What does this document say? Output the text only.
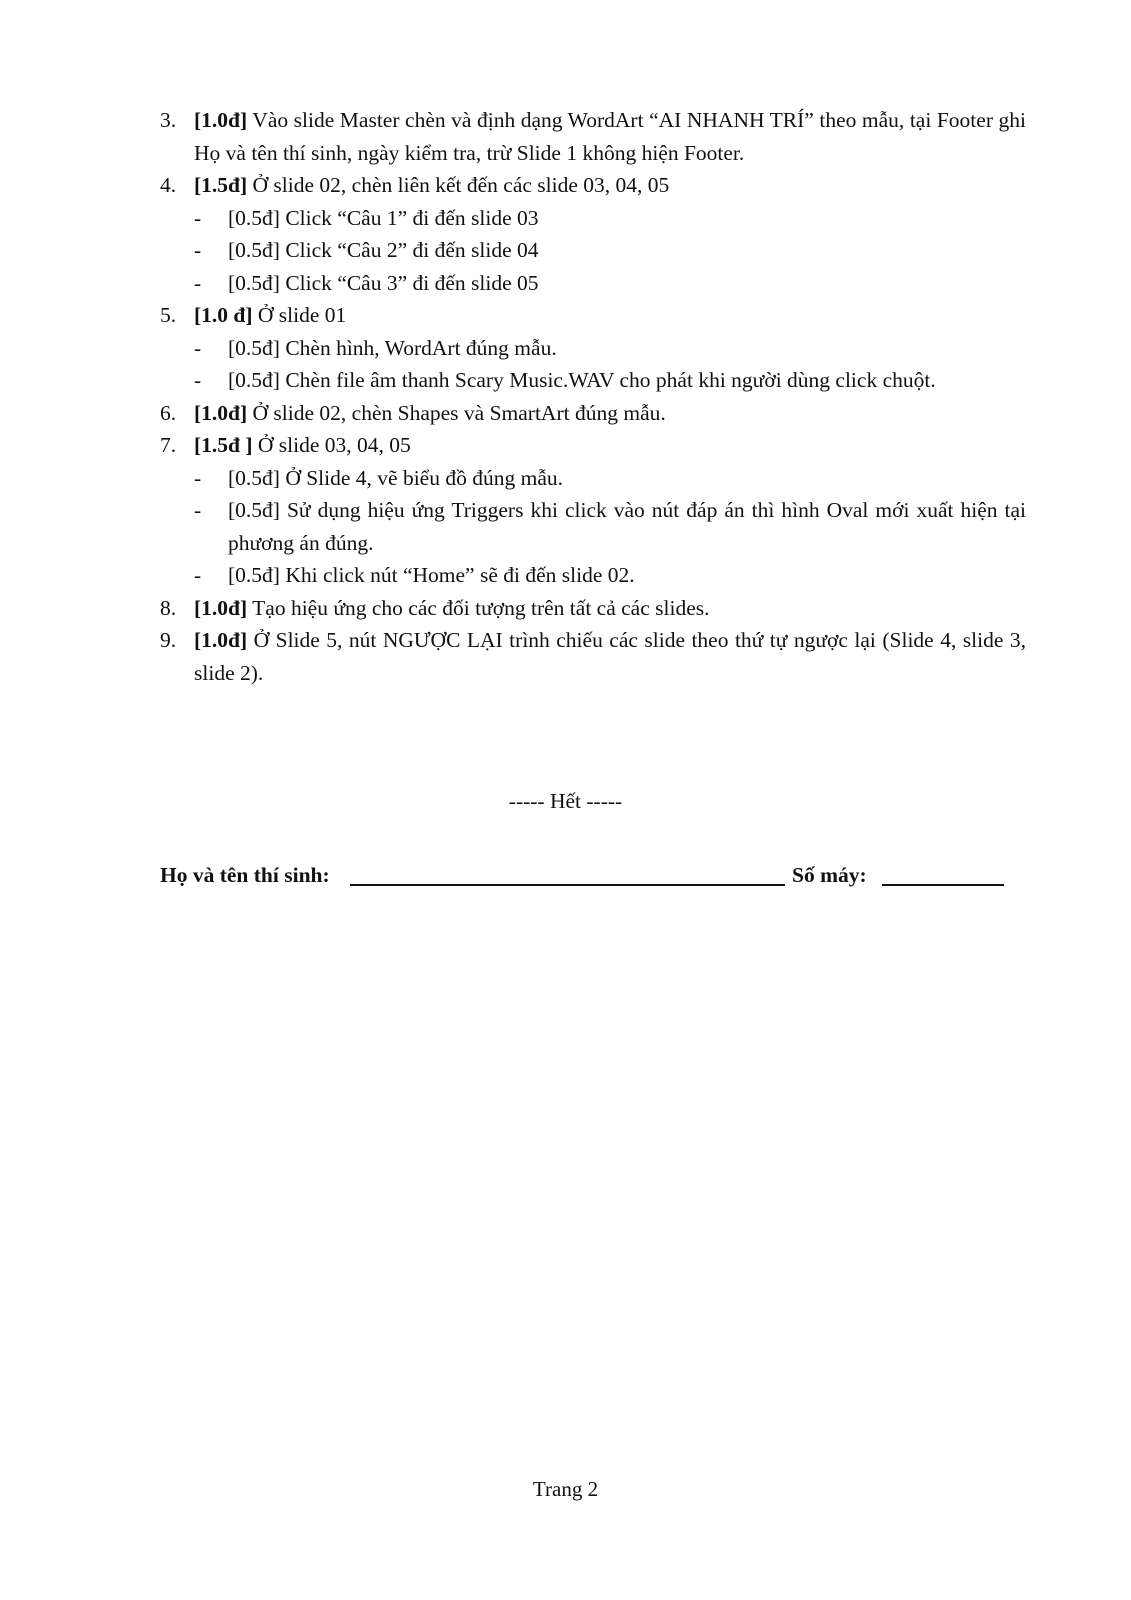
3. [1.0đ] Vào slide Master chèn và định dạng WordArt “AI NHANH TRÍ” theo mẫu, tại Footer ghi Họ và tên thí sinh, ngày kiểm tra, trừ Slide 1 không hiện Footer.
4. [1.5đ] Ở slide 02, chèn liên kết đến các slide 03, 04, 05
- [0.5đ] Click “Câu 1” đi đến slide 03
- [0.5đ] Click “Câu 2” đi đến slide 04
- [0.5đ] Click “Câu 3” đi đến slide 05
5. [1.0 đ] Ở slide 01
- [0.5đ] Chèn hình, WordArt đúng mẫu.
- [0.5đ] Chèn file âm thanh Scary Music.WAV cho phát khi người dùng click chuột.
6. [1.0đ] Ở slide 02, chèn Shapes và SmartArt đúng mẫu.
7. [1.5đ ] Ở slide 03, 04, 05
- [0.5đ] Ở Slide 4, vẽ biểu đồ đúng mẫu.
- [0.5đ] Sử dụng hiệu ứng Triggers khi click vào nút đáp án thì hình Oval mới xuất hiện tại phương án đúng.
- [0.5đ] Khi click nút “Home” sẽ đi đến slide 02.
8. [1.0đ] Tạo hiệu ứng cho các đối tượng trên tất cả các slides.
9. [1.0đ] Ở Slide 5, nút NGƯỢC LẠI trình chiếu các slide theo thứ tự ngược lại (Slide 4, slide 3, slide 2).
----- Hết -----
Họ và tên thí sinh:	Số máy:
Trang 2
